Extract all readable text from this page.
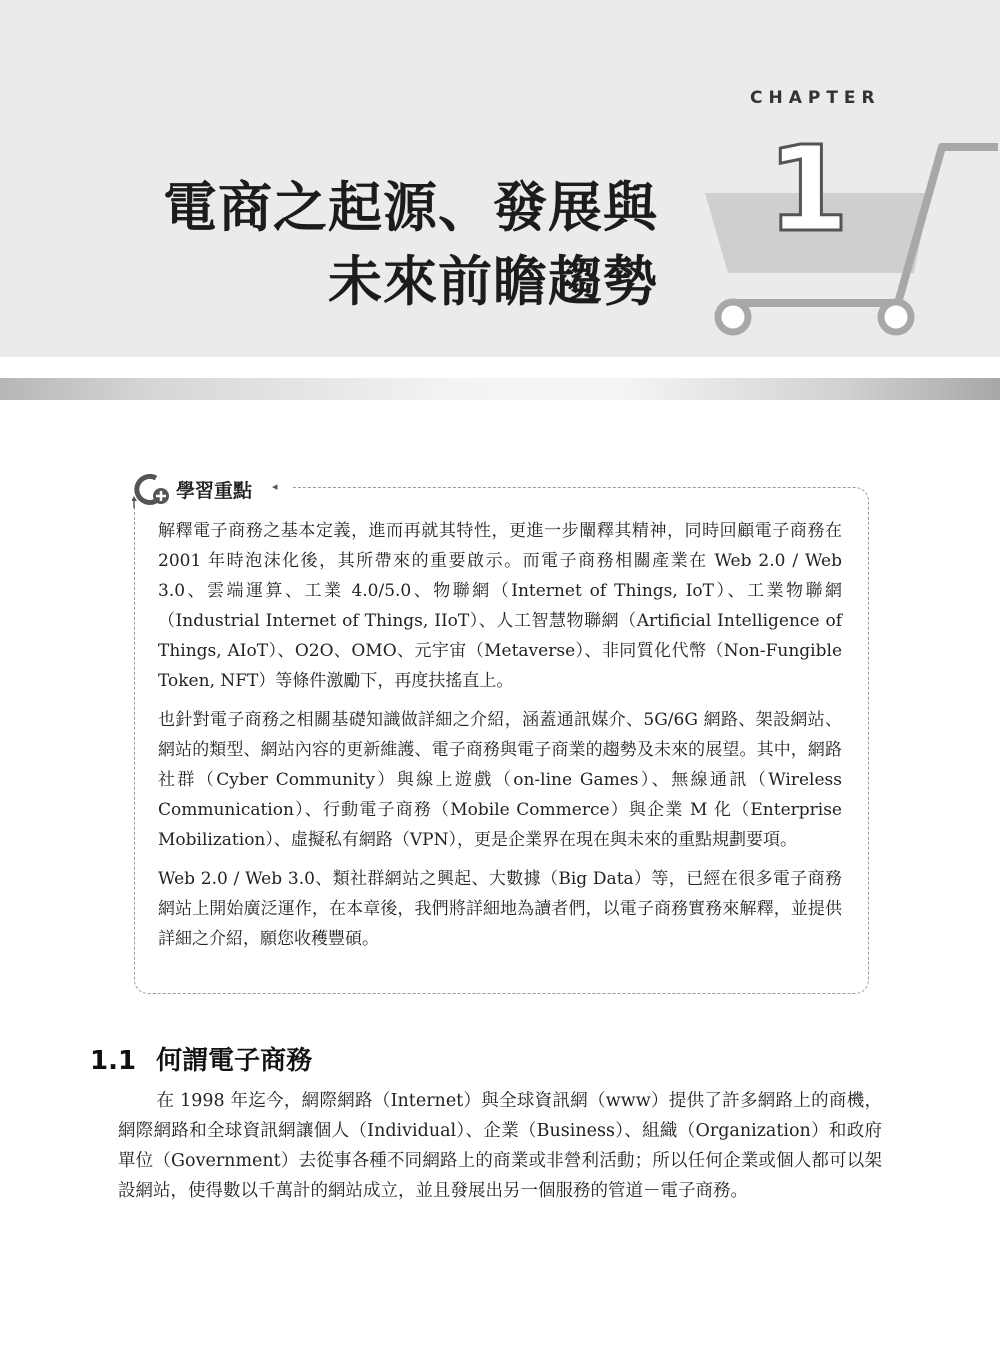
CHAPTER
1
電商之起源、發展與
未來前瞻趨勢
學習重點 ◂

解釋電子商務之基本定義，進而再就其特性，更進一步闡釋其精神，同時回顧電子商務在 2001 年時泡沫化後，其所帶來的重要啟示。而電子商務相關產業在 Web 2.0 / Web 3.0、雲端運算、工業 4.0/5.0、物聯網（Internet of Things, IoT）、工業物聯網（Industrial Internet of Things, IIoT）、人工智慧物聯網（Artificial Intelligence of Things, AIoT）、O2O、OMO、元宇宙（Metaverse）、非同質化代幣（Non-Fungible Token, NFT）等條件激勵下，再度扶搖直上。

也針對電子商務之相關基礎知識做詳細之介紹，涵蓋通訊媒介、5G/6G 網路、架設網站、網站的類型、網站內容的更新維護、電子商務與電子商業的趨勢及未來的展望。其中，網路社群（Cyber Community）與線上遊戲（on-line Games）、無線通訊（Wireless Communication）、行動電子商務（Mobile Commerce）與企業 M 化（Enterprise Mobilization）、虛擬私有網路（VPN），更是企業界在現在與未來的重點規劃要項。

Web 2.0 / Web 3.0、類社群網站之興起、大數據（Big Data）等，已經在很多電子商務網站上開始廣泛運作，在本章後，我們將詳細地為讀者們，以電子商務實務來解釋，並提供詳細之介紹，願您收穫豐碩。

1.1 何謂電子商務

在 1998 年迄今，網際網路（Internet）與全球資訊網（www）提供了許多網路上的商機，網際網路和全球資訊網讓個人（Individual）、企業（Business）、組織（Organization）和政府單位（Government）去從事各種不同網路上的商業或非營利活動；所以任何企業或個人都可以架設網站，使得數以千萬計的網站成立，並且發展出另一個服務的管道－電子商務。
